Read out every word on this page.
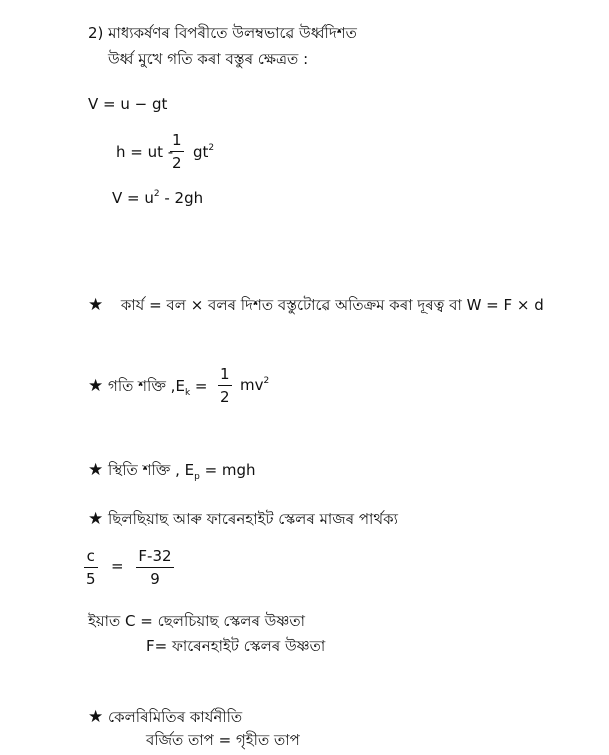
2) মাধ্যকৰ্ষণৰ বিপৰীতে উলম্বভাৱে উৰ্ধ্বদিশত
উৰ্ধ্ব মুখে গতি কৰা বস্তুৰ ক্ষেত্ৰত :
V = u − gt
h = ut -
1
2
$gt^2$
$V = u^2 - 2gh$
★ কাৰ্য = বল × বলৰ দিশত বস্তুটোৱে অতিক্ৰম কৰা দূৰত্ব বা W = F × d
★ গতি শক্তি $,E_k$ =
1
2
$mv^2$
★ স্থিতি শক্তি , $E_p$ = mgh
★ ছিলছিয়াছ আৰু ফাৰেনহাইট স্কেলৰ মাজৰ পাৰ্থক্য
c
5
=
F-32
9
ইয়াত C = ছেলচিয়াছ স্কেলৰ উষ্ণতা
F= ফাৰেনহাইট স্কেলৰ উষ্ণতা
★ কেলৰিমিতিৰ কাৰ্যনীতি
বৰ্জিত তাপ = গৃহীত তাপ
